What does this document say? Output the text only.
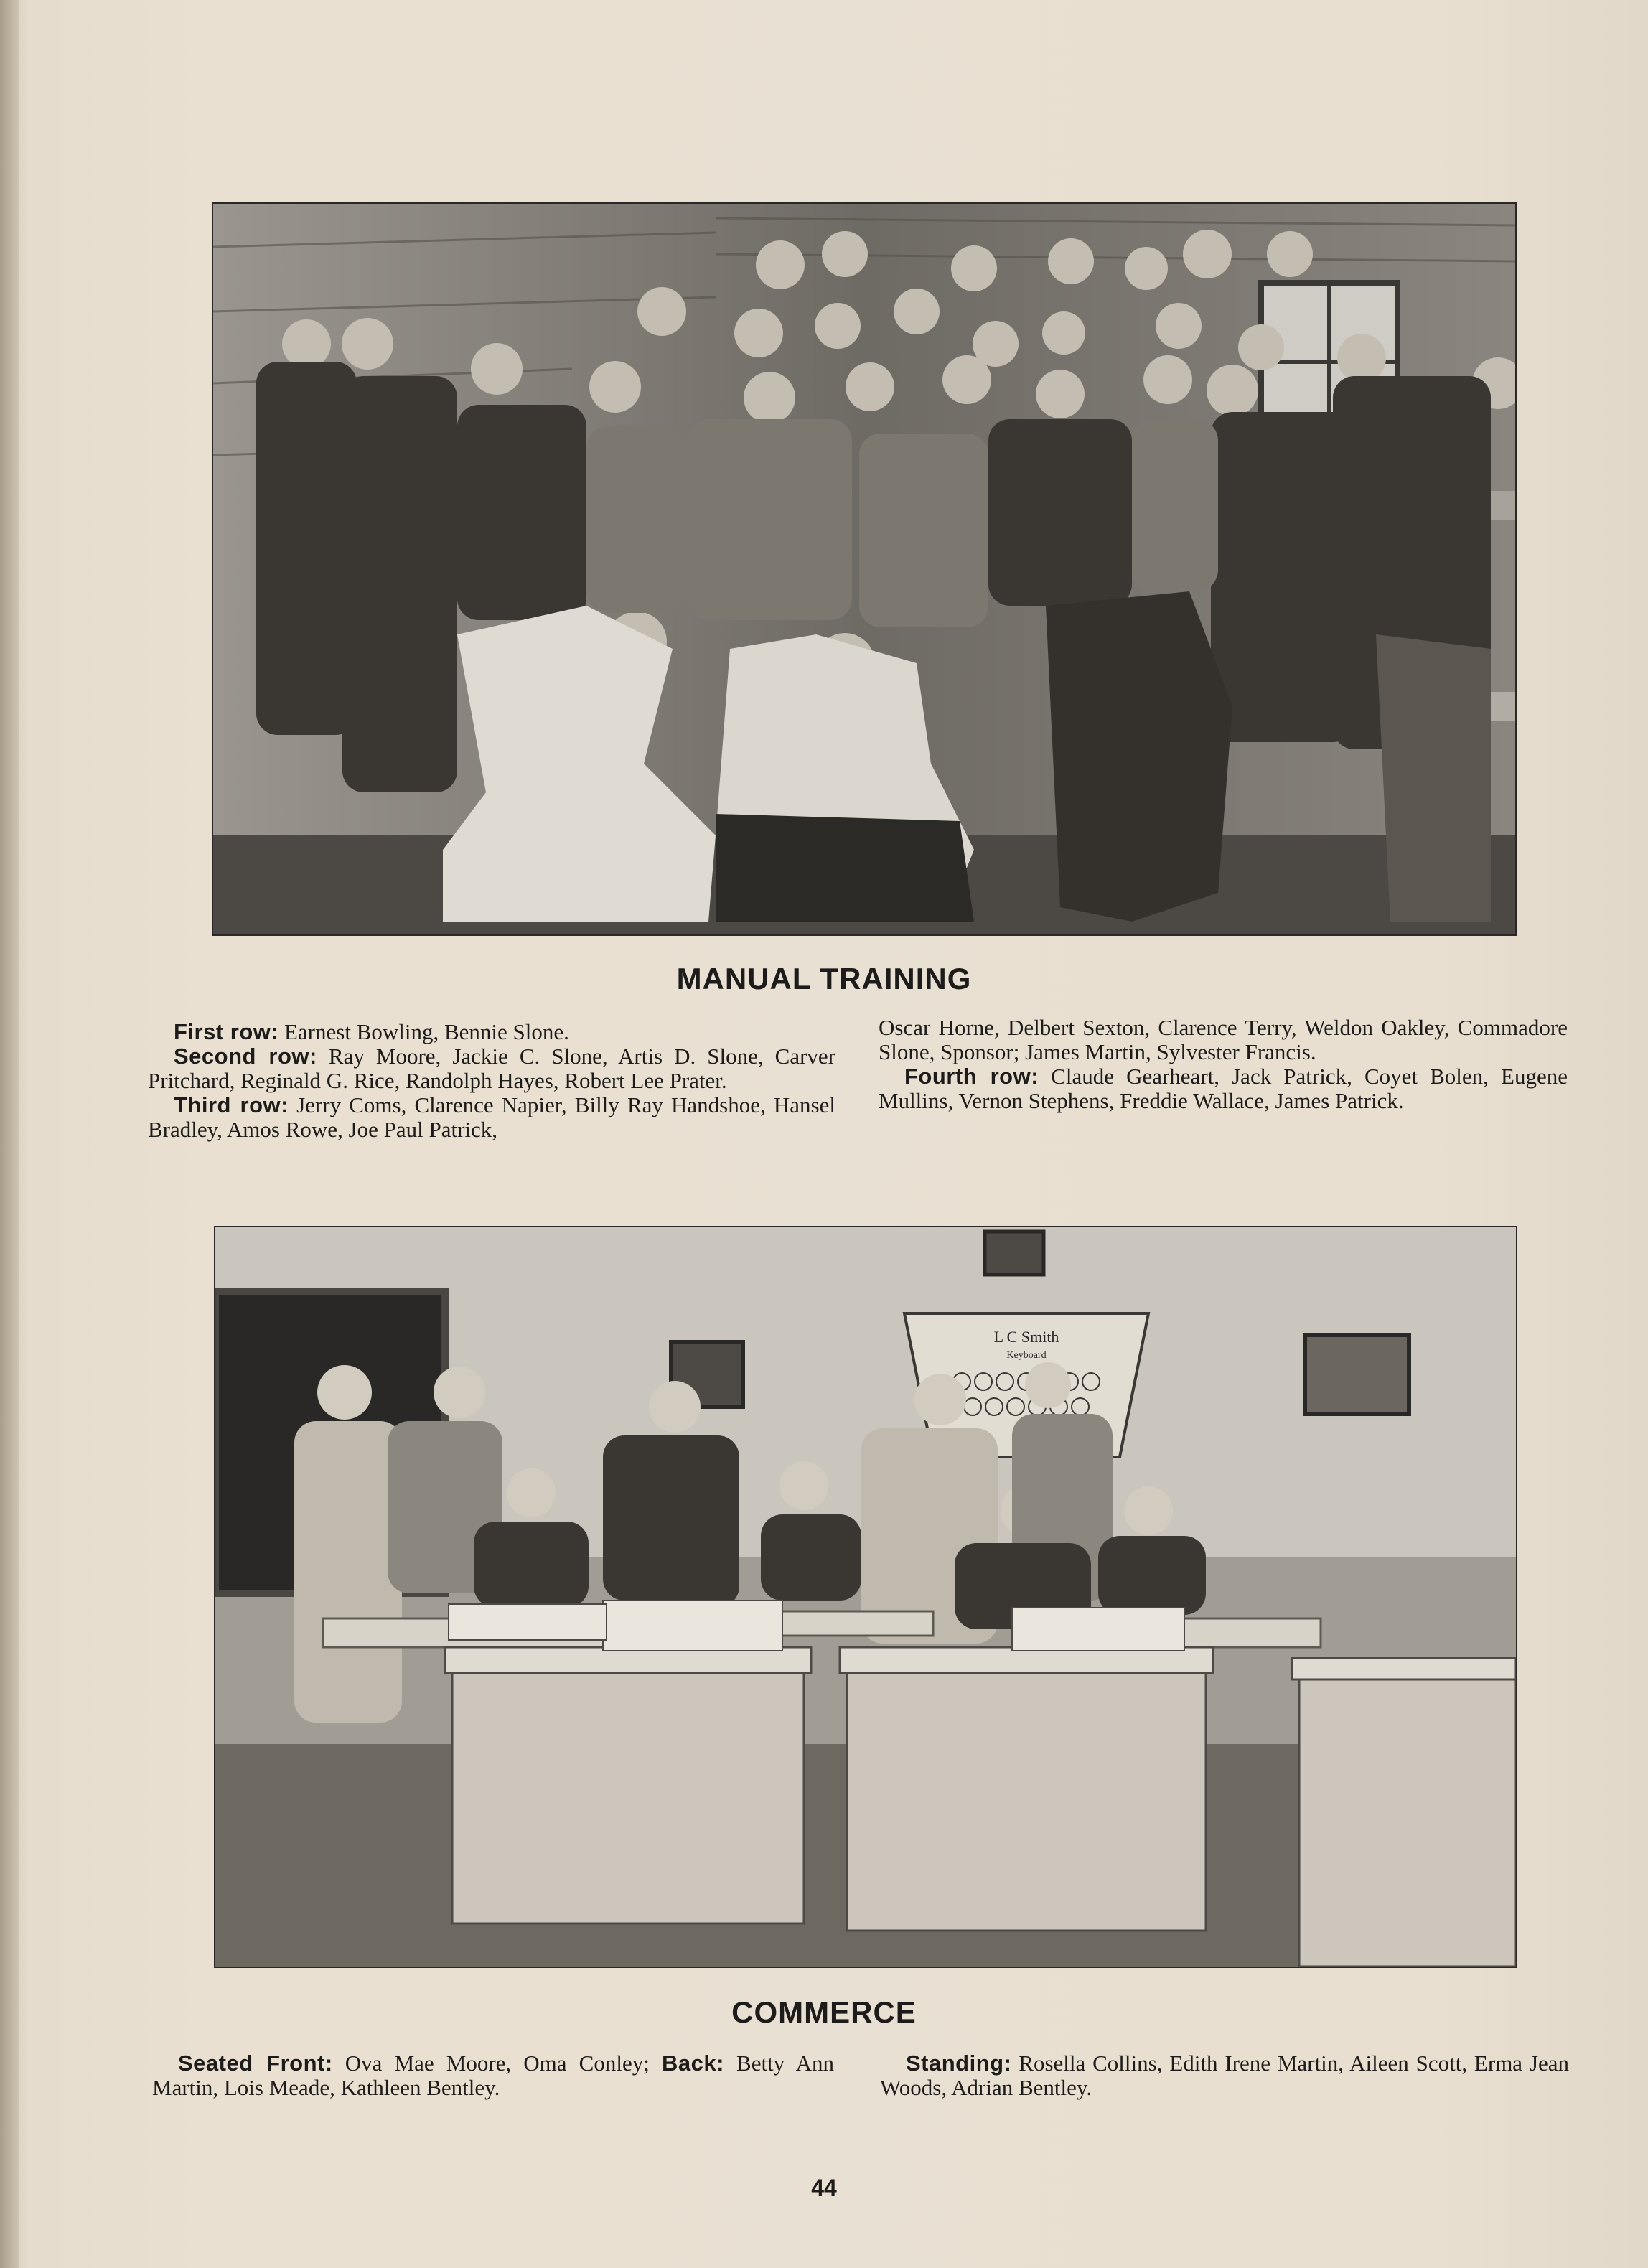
MANUAL TRAINING

First row: Earnest Bowling, Bennie Slone.

Second row: Ray Moore, Jackie C. Slone, Artis D. Slone, Carver Pritchard, Reginald G. Rice, Randolph Hayes, Robert Lee Prater.

Third row: Jerry Coms, Clarence Napier, Billy Ray Handshoe, Hansel Bradley, Amos Rowe, Joe Paul Patrick,

Oscar Horne, Delbert Sexton, Clarence Terry, Weldon Oakley, Commadore Slone, Sponsor; James Martin, Sylvester Francis.

Fourth row: Claude Gearheart, Jack Patrick, Coyet Bolen, Eugene Mullins, Vernon Stephens, Freddie Wallace, James Patrick.

L C Smith
Keyboard
COMMERCE

Seated Front: Ova Mae Moore, Oma Conley; Back: Betty Ann Martin, Lois Meade, Kathleen Bentley.

Standing: Rosella Collins, Edith Irene Martin, Aileen Scott, Erma Jean Woods, Adrian Bentley.

44
